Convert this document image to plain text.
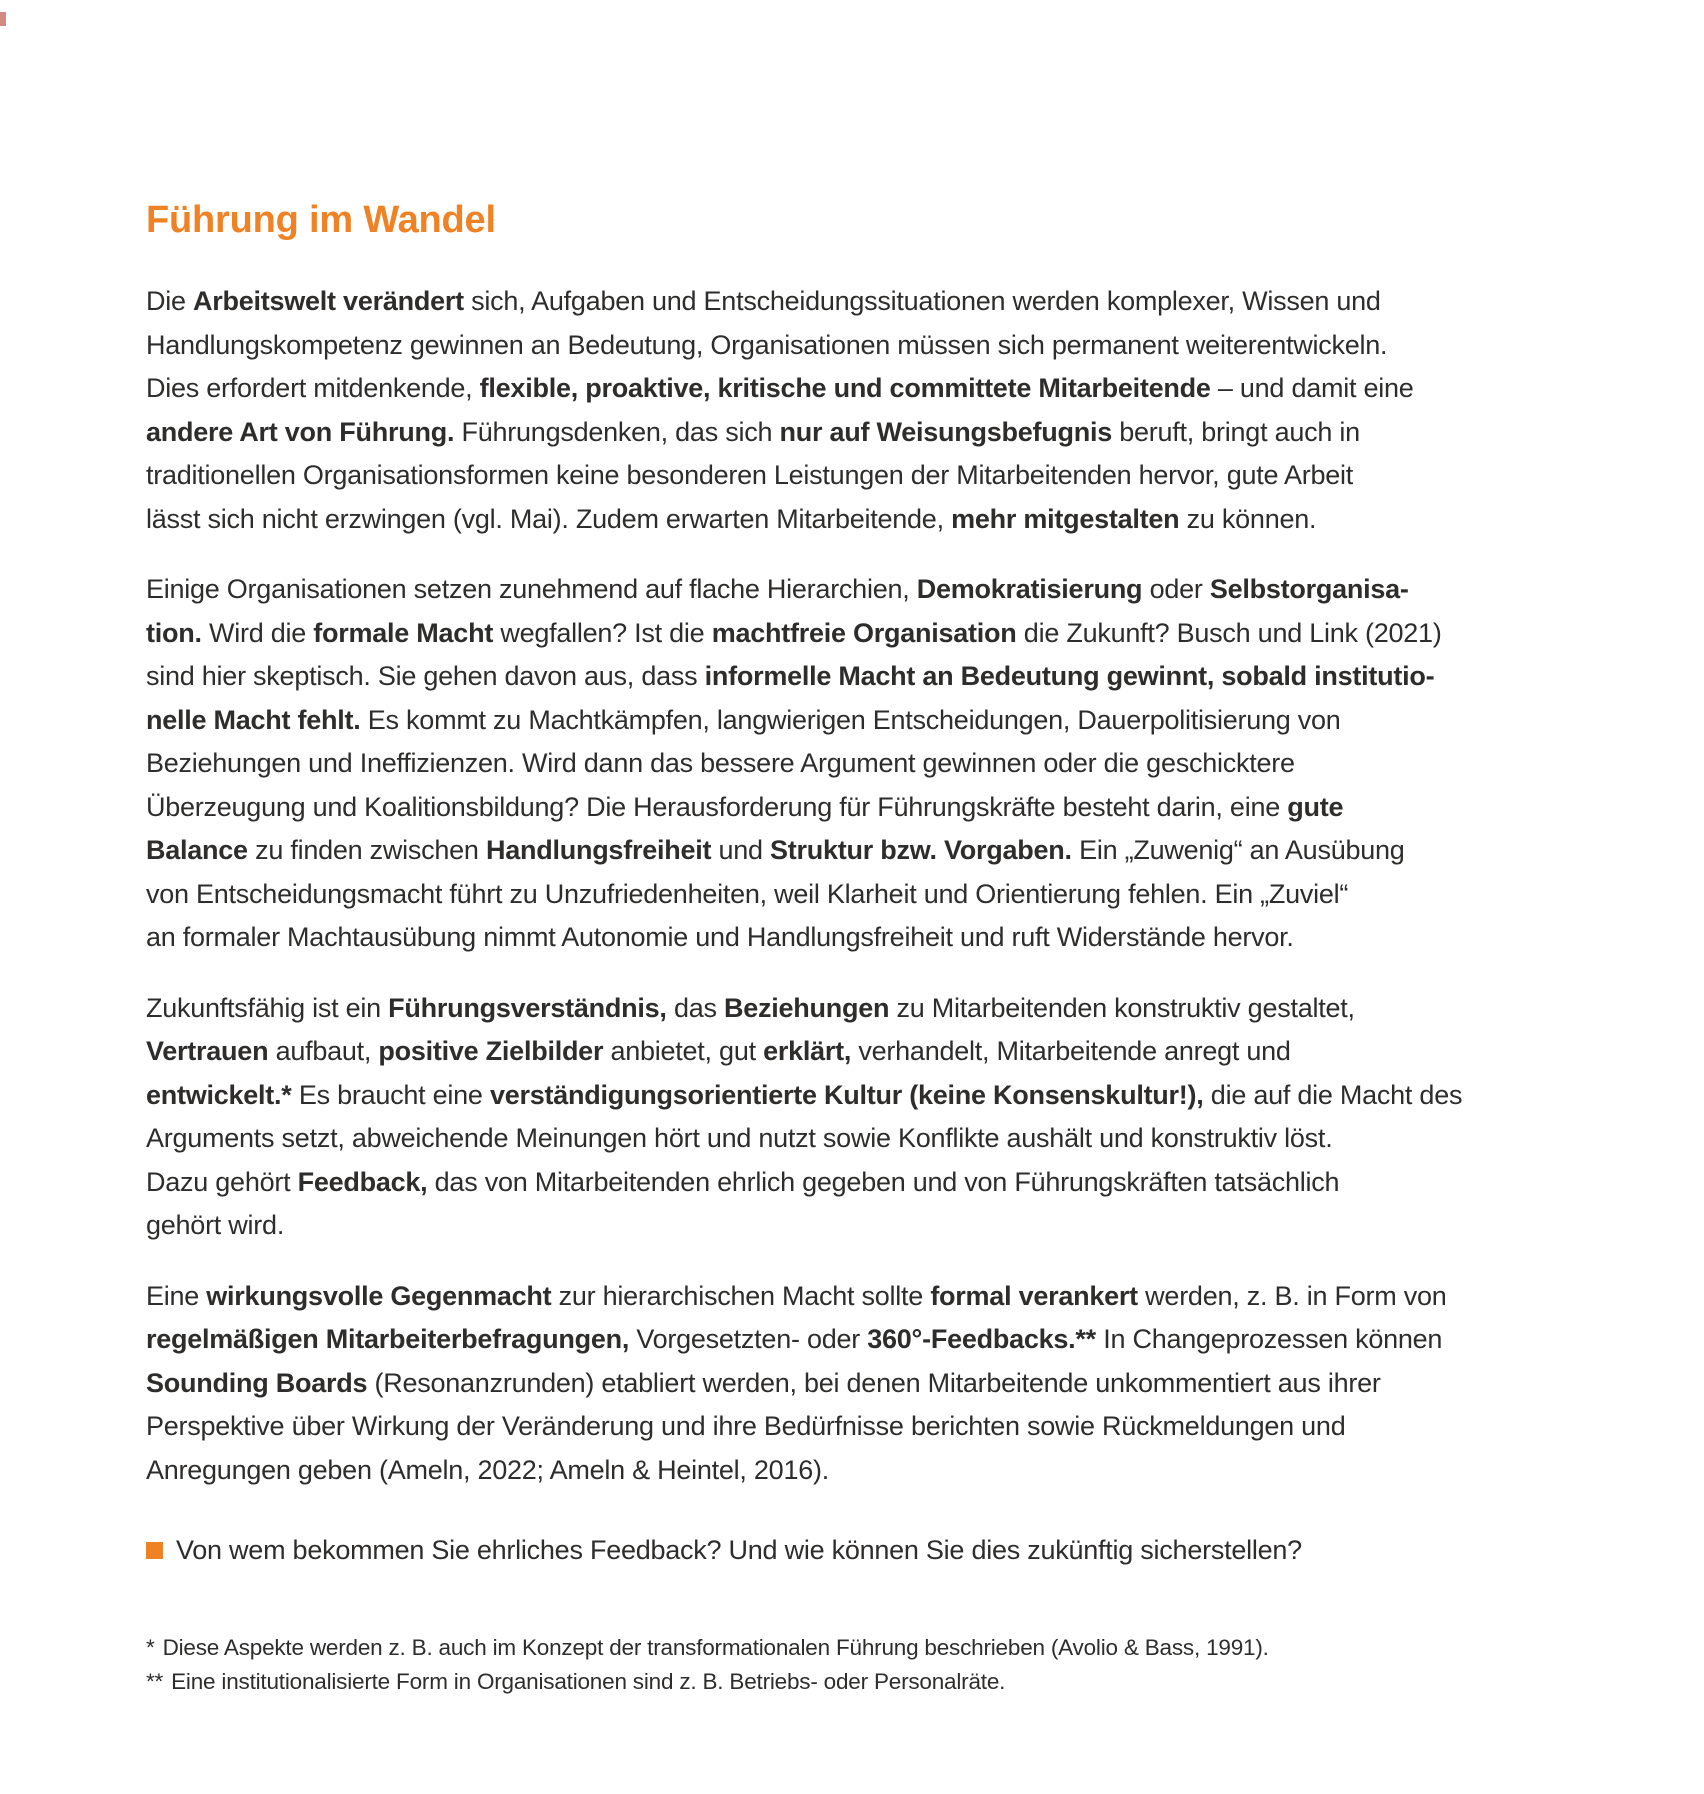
Führung im Wandel
Die Arbeitswelt verändert sich, Aufgaben und Entscheidungssituationen werden komplexer, Wissen und
Handlungskompetenz gewinnen an Bedeutung, Organisationen müssen sich permanent weiterentwickeln.
Dies erfordert mitdenkende, flexible, proaktive, kritische und committete Mitarbeitende – und damit eine
andere Art von Führung. Führungsdenken, das sich nur auf Weisungsbefugnis beruft, bringt auch in
traditionellen Organisationsformen keine besonderen Leistungen der Mitarbeitenden hervor, gute Arbeit
lässt sich nicht erzwingen (vgl. Mai). Zudem erwarten Mitarbeitende, mehr mitgestalten zu können.
Einige Organisationen setzen zunehmend auf flache Hierarchien, Demokratisierung oder Selbstorganisa-
tion. Wird die formale Macht wegfallen? Ist die machtfreie Organisation die Zukunft? Busch und Link (2021)
sind hier skeptisch. Sie gehen davon aus, dass informelle Macht an Bedeutung gewinnt, sobald institutio-
nelle Macht fehlt. Es kommt zu Machtkämpfen, langwierigen Entscheidungen, Dauerpolitisierung von
Beziehungen und Ineffizienzen. Wird dann das bessere Argument gewinnen oder die geschicktere
Überzeugung und Koalitionsbildung? Die Herausforderung für Führungskräfte besteht darin, eine gute
Balance zu finden zwischen Handlungsfreiheit und Struktur bzw. Vorgaben. Ein „Zuwenig“ an Ausübung
von Entscheidungsmacht führt zu Unzufriedenheiten, weil Klarheit und Orientierung fehlen. Ein „Zuviel“
an formaler Machtausübung nimmt Autonomie und Handlungsfreiheit und ruft Widerstände hervor.
Zukunftsfähig ist ein Führungsverständnis, das Beziehungen zu Mitarbeitenden konstruktiv gestaltet,
Vertrauen aufbaut, positive Zielbilder anbietet, gut erklärt, verhandelt, Mitarbeitende anregt und
entwickelt.* Es braucht eine verständigungsorientierte Kultur (keine Konsenskultur!), die auf die Macht des
Arguments setzt, abweichende Meinungen hört und nutzt sowie Konflikte aushält und konstruktiv löst.
Dazu gehört Feedback, das von Mitarbeitenden ehrlich gegeben und von Führungskräften tatsächlich
gehört wird.
Eine wirkungsvolle Gegenmacht zur hierarchischen Macht sollte formal verankert werden, z. B. in Form von
regelmäßigen Mitarbeiterbefragungen, Vorgesetzten- oder 360°-Feedbacks.** In Changeprozessen können
Sounding Boards (Resonanzrunden) etabliert werden, bei denen Mitarbeitende unkommentiert aus ihrer
Perspektive über Wirkung der Veränderung und ihre Bedürfnisse berichten sowie Rückmeldungen und
Anregungen geben (Ameln, 2022; Ameln & Heintel, 2016).
Von wem bekommen Sie ehrliches Feedback? Und wie können Sie dies zukünftig sicherstellen?
* Diese Aspekte werden z. B. auch im Konzept der transformationalen Führung beschrieben (Avolio & Bass, 1991).
** Eine institutionalisierte Form in Organisationen sind z. B. Betriebs- oder Personalräte.
